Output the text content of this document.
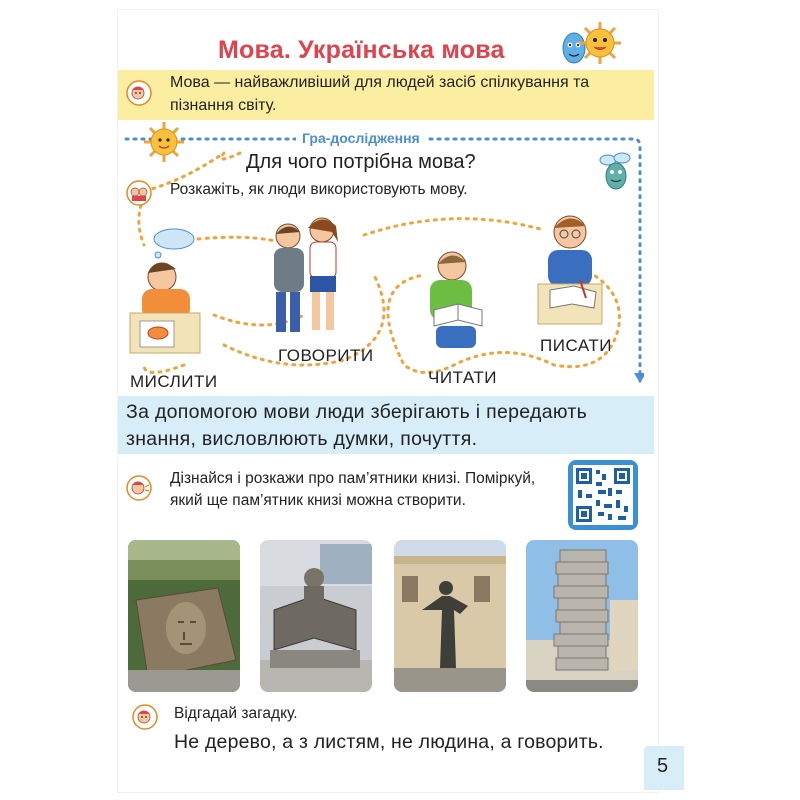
Мова. Українська мова
Мова — найважливіший для людей засіб спілкування та пізнання світу.
Гра-дослідження
Для чого потрібна мова?
Розкажіть, як люди використовують мову.
МИСЛИТИ
ГОВОРИТИ
ЧИТАТИ
ПИСАТИ
За допомогою мови люди зберігають і передають знання, висловлюють думки, почуття.
Дізнайся і розкажи про пам’ятники книзі. Поміркуй, який ще пам’ятник книзі можна створити.
Відгадай загадку.
Не дерево, а з листям, не людина, а говорить.
5
